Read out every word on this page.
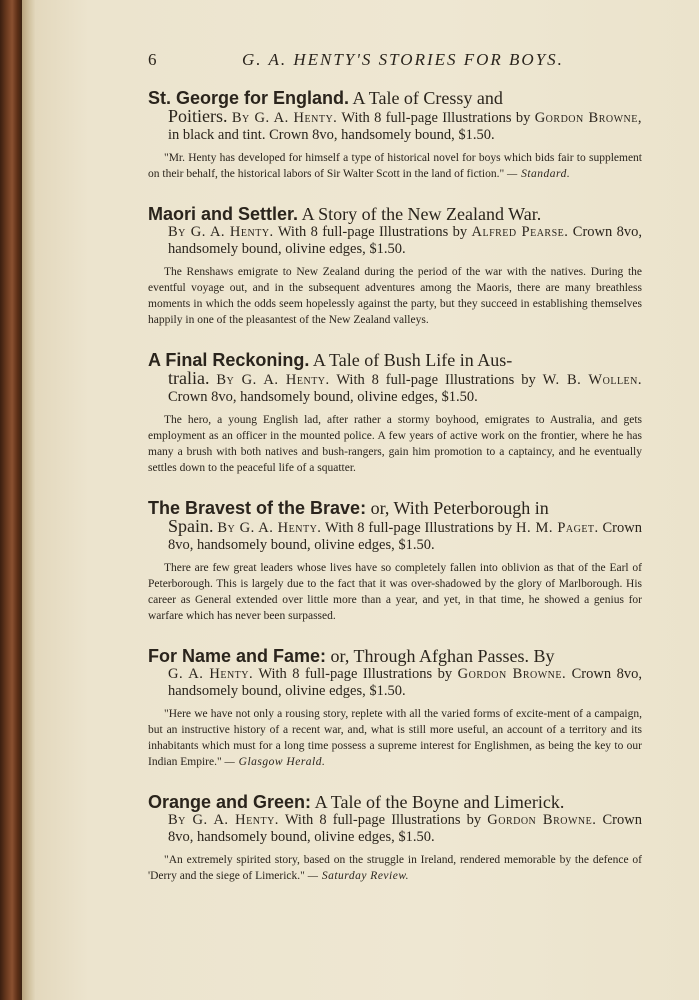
6	G. A. HENTY'S STORIES FOR BOYS.
St. George for England. A Tale of Cressy and
Poitiers. By G. A. Henty. With 8 full-page Illustrations by Gordon Browne, in black and tint. Crown 8vo, handsomely bound, $1.50.
"Mr. Henty has developed for himself a type of historical novel for boys which bids fair to supplement on their behalf, the historical labors of Sir Walter Scott in the land of fiction." — Standard.
Maori and Settler. A Story of the New Zealand War.
By G. A. Henty. With 8 full-page Illustrations by Alfred Pearse. Crown 8vo, handsomely bound, olivine edges, $1.50.
The Renshaws emigrate to New Zealand during the period of the war with the natives. During the eventful voyage out, and in the subsequent adventures among the Maoris, there are many breathless moments in which the odds seem hopelessly against the party, but they succeed in establishing themselves happily in one of the pleasantest of the New Zealand valleys.
A Final Reckoning. A Tale of Bush Life in Aus-
tralia. By G. A. Henty. With 8 full-page Illustrations by W. B. Wollen. Crown 8vo, handsomely bound, olivine edges, $1.50.
The hero, a young English lad, after rather a stormy boyhood, emigrates to Australia, and gets employment as an officer in the mounted police. A few years of active work on the frontier, where he has many a brush with both natives and bush-rangers, gain him promotion to a captaincy, and he eventually settles down to the peaceful life of a squatter.
The Bravest of the Brave: or, With Peterborough in
Spain. By G. A. Henty. With 8 full-page Illustrations by H. M. Paget. Crown 8vo, handsomely bound, olivine edges, $1.50.
There are few great leaders whose lives have so completely fallen into oblivion as that of the Earl of Peterborough. This is largely due to the fact that it was over-shadowed by the glory of Marlborough. His career as General extended over little more than a year, and yet, in that time, he showed a genius for warfare which has never been surpassed.
For Name and Fame: or, Through Afghan Passes. By
G. A. Henty. With 8 full-page Illustrations by Gordon Browne. Crown 8vo, handsomely bound, olivine edges, $1.50.
"Here we have not only a rousing story, replete with all the varied forms of excite-ment of a campaign, but an instructive history of a recent war, and, what is still more useful, an account of a territory and its inhabitants which must for a long time possess a supreme interest for Englishmen, as being the key to our Indian Empire." — Glasgow Herald.
Orange and Green: A Tale of the Boyne and Limerick.
By G. A. Henty. With 8 full-page Illustrations by Gordon Browne. Crown 8vo, handsomely bound, olivine edges, $1.50.
"An extremely spirited story, based on the struggle in Ireland, rendered memorable by the defence of 'Derry and the siege of Limerick." — Saturday Review.
